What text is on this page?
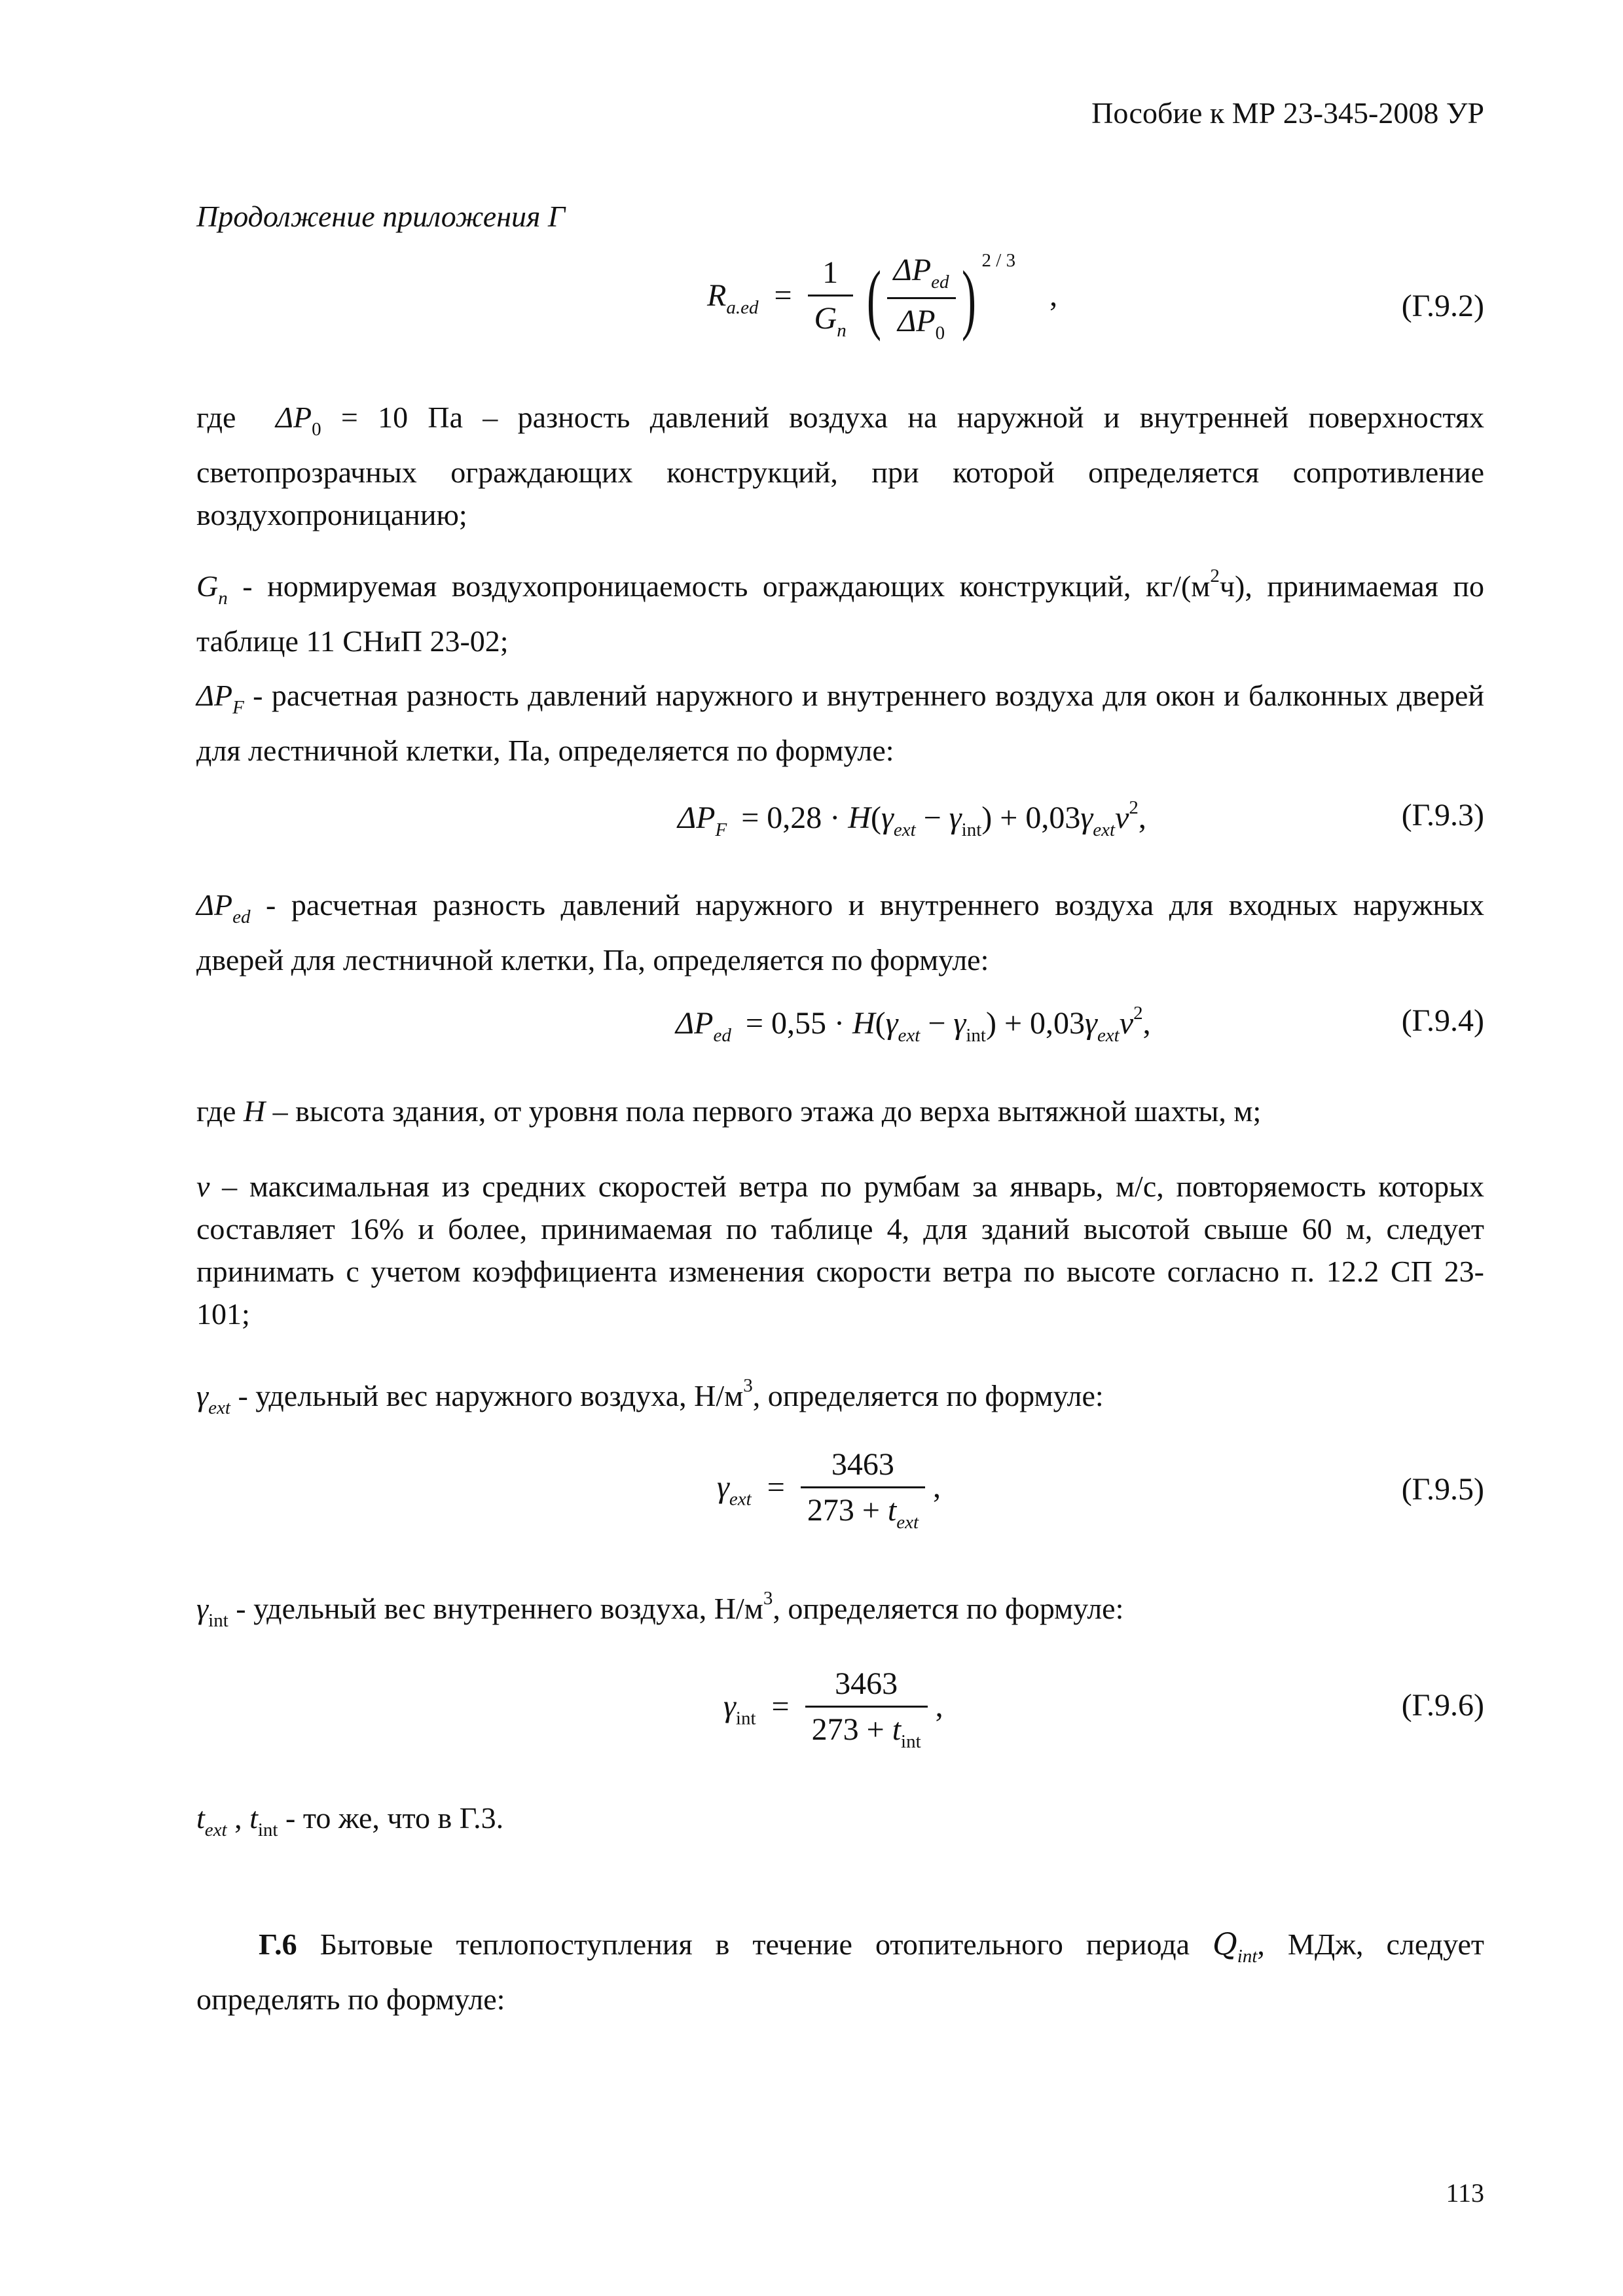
Пособие к МР 23-345-2008 УР
Продолжение приложения Г
$R_{a.ed} = \frac{1}{G_n}$ ( $\frac{\Delta P_{ed}}{\Delta P_0}$ ) $^{2 / 3}$ ,	(Г.9.2)
где $\Delta P_0 = 10$ Па – разность давлений воздуха на наружной и внутренней поверхностях светопрозрачных ограждающих конструкций, при которой определяется сопротивление воздухопроницанию;
$G_n$ - нормируемая воздухопроницаемость ограждающих конструкций, $кг/(м^2ч)$, принимаемая по таблице 11 СНиП 23-02;
$\Delta P_F$ - расчетная разность давлений наружного и внутреннего воздуха для окон и балконных дверей для лестничной клетки, Па, определяется по формуле:
$\Delta P_F = 0,28 \cdot H(\gamma_{ext} - \gamma_{int}) + 0,03\gamma_{ext}\nu^2$,	(Г.9.3)
$\Delta P_{ed}$ - расчетная разность давлений наружного и внутреннего воздуха для входных наружных дверей для лестничной клетки, Па, определяется по формуле:
$\Delta P_{ed} = 0,55 \cdot H(\gamma_{ext} - \gamma_{int}) + 0,03\gamma_{ext}\nu^2$,	(Г.9.4)
где H – высота здания, от уровня пола первого этажа до верха вытяжной шахты, м;
ν – максимальная из средних скоростей ветра по румбам за январь, м/с, повторяемость которых составляет 16% и более, принимаемая по таблице 4, для зданий высотой свыше 60 м, следует принимать с учетом коэффициента изменения скорости ветра по высоте согласно п. 12.2 СП 23-101;
$\gamma_{ext}$ - удельный вес наружного воздуха, $Н/м^3$, определяется по формуле:
$\gamma_{ext} = \frac{3463}{273 + t_{ext}}$ ,	(Г.9.5)
$\gamma_{int}$ - удельный вес внутреннего воздуха, $Н/м^3$, определяется по формуле:
$\gamma_{int} = \frac{3463}{273 + t_{int}}$ ,	(Г.9.6)
$t_{ext}$ , $t_{int}$ - то же, что в Г.3.
Г.6 Бытовые теплопоступления в течение отопительного периода $Q_{int}$, МДж, следует определять по формуле:
113
